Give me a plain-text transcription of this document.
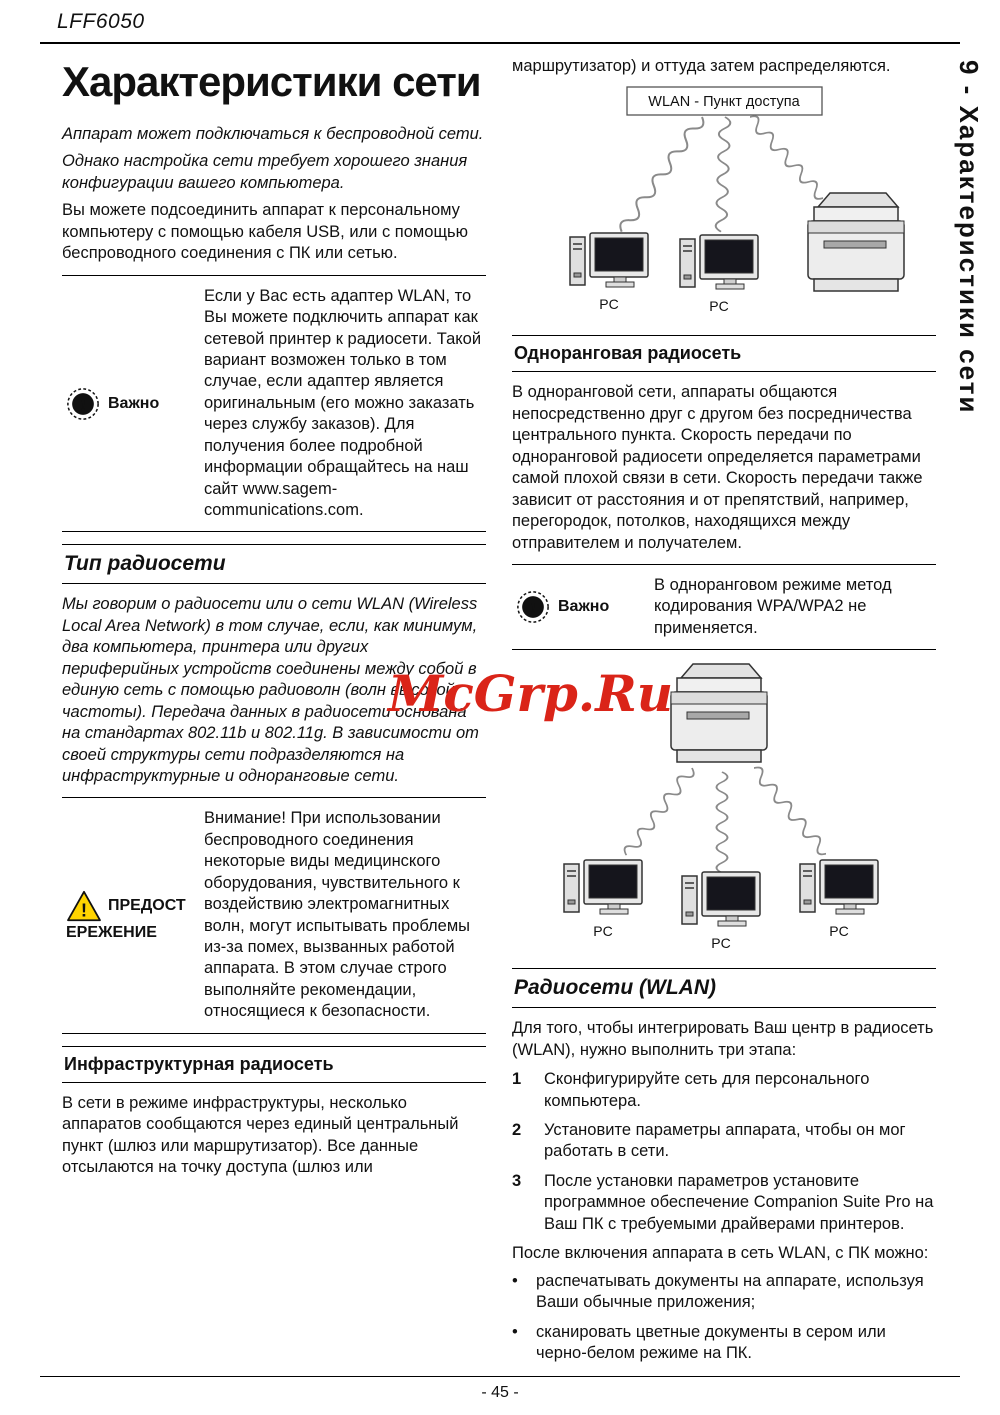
LFF6050
Характеристики сети

Аппарат может подключаться к беспроводной сети.

Однако настройка сети требует хорошего знания конфигурации вашего компьютера.

Вы можете подсоединить аппарат к персональному компьютеру с помощью кабеля USB, или с помощью беспроводного соединения с ПК или сетью.

! Важно
Если у Вас есть адаптер WLAN, то Вы можете подключить аппарат как сетевой принтер к радиосети. Такой вариант возможен только в том случае, если адаптер является оригинальным (его можно заказать через службу заказов). Для получения более подробной информации обращайтесь на наш сайт www.sagem-communications.com.
Тип радиосети

Мы говорим о радиосети или о сети WLAN (Wireless Local Area Network) в том случае, если, как минимум, два компьютера, принтера или других периферийных устройств соединены между собой в единую сеть с помощью радиоволн (волн высокой частоты). Передача данных в радиосети основана на стандартах 802.11b и 802.11g. В зависимости от своей структуры сети подразделяются на инфраструктурные и одноранговые сети.

! ПРЕДОСТ
ЕРЕЖЕНИЕ
Внимание! При использовании беспроводного соединения некоторые виды медицинского оборудования, чувствительного к воздействию электромагнитных волн, могут испытывать проблемы из-за помех, вызванных работой аппарата. В этом случае строго выполняйте рекомендации, относящиеся к безопасности.
Инфраструктурная радиосеть

В сети в режиме инфраструктуры, несколько аппаратов сообщаются через единый центральный пункт (шлюз или маршрутизатор). Все данные отсылаются на точку доступа (шлюз или

маршрутизатор) и оттуда затем распределяются.

WLAN - Пункт доступа
PC	PC
Одноранговая радиосеть

В одноранговой сети, аппараты общаются непосредственно друг с другом без посредничества центрального пункта. Скорость передачи по одноранговой радиосети определяется параметрами самой плохой связи в сети. Скорость передачи также зависит от расстояния и от препятствий, например, перегородок, потолков, находящихся между отправителем и получателем.

! Важно
В одноранговом режиме метод кодирования WPA/WPA2 не применяется.
PC
PC
PC
Радиосети (WLAN)

Для того, чтобы интегрировать Ваш центр в радиосеть (WLAN), нужно выполнить три этапа:

1	Сконфигурируйте сеть для персонального компьютера.
2	Установите параметры аппарата, чтобы он мог работать в сети.
3	После установки параметров установите программное обеспечение Companion Suite Pro на Ваш ПК с требуемыми драйверами принтеров.

После включения аппарата в сеть WLAN, с ПК можно:

•	распечатывать документы на аппарате, используя Ваши обычные приложения;
•	сканировать цветные документы в сером или черно-белом режиме на ПК.
McGrp.Ru
9 - Характеристики сети
- 45 -
